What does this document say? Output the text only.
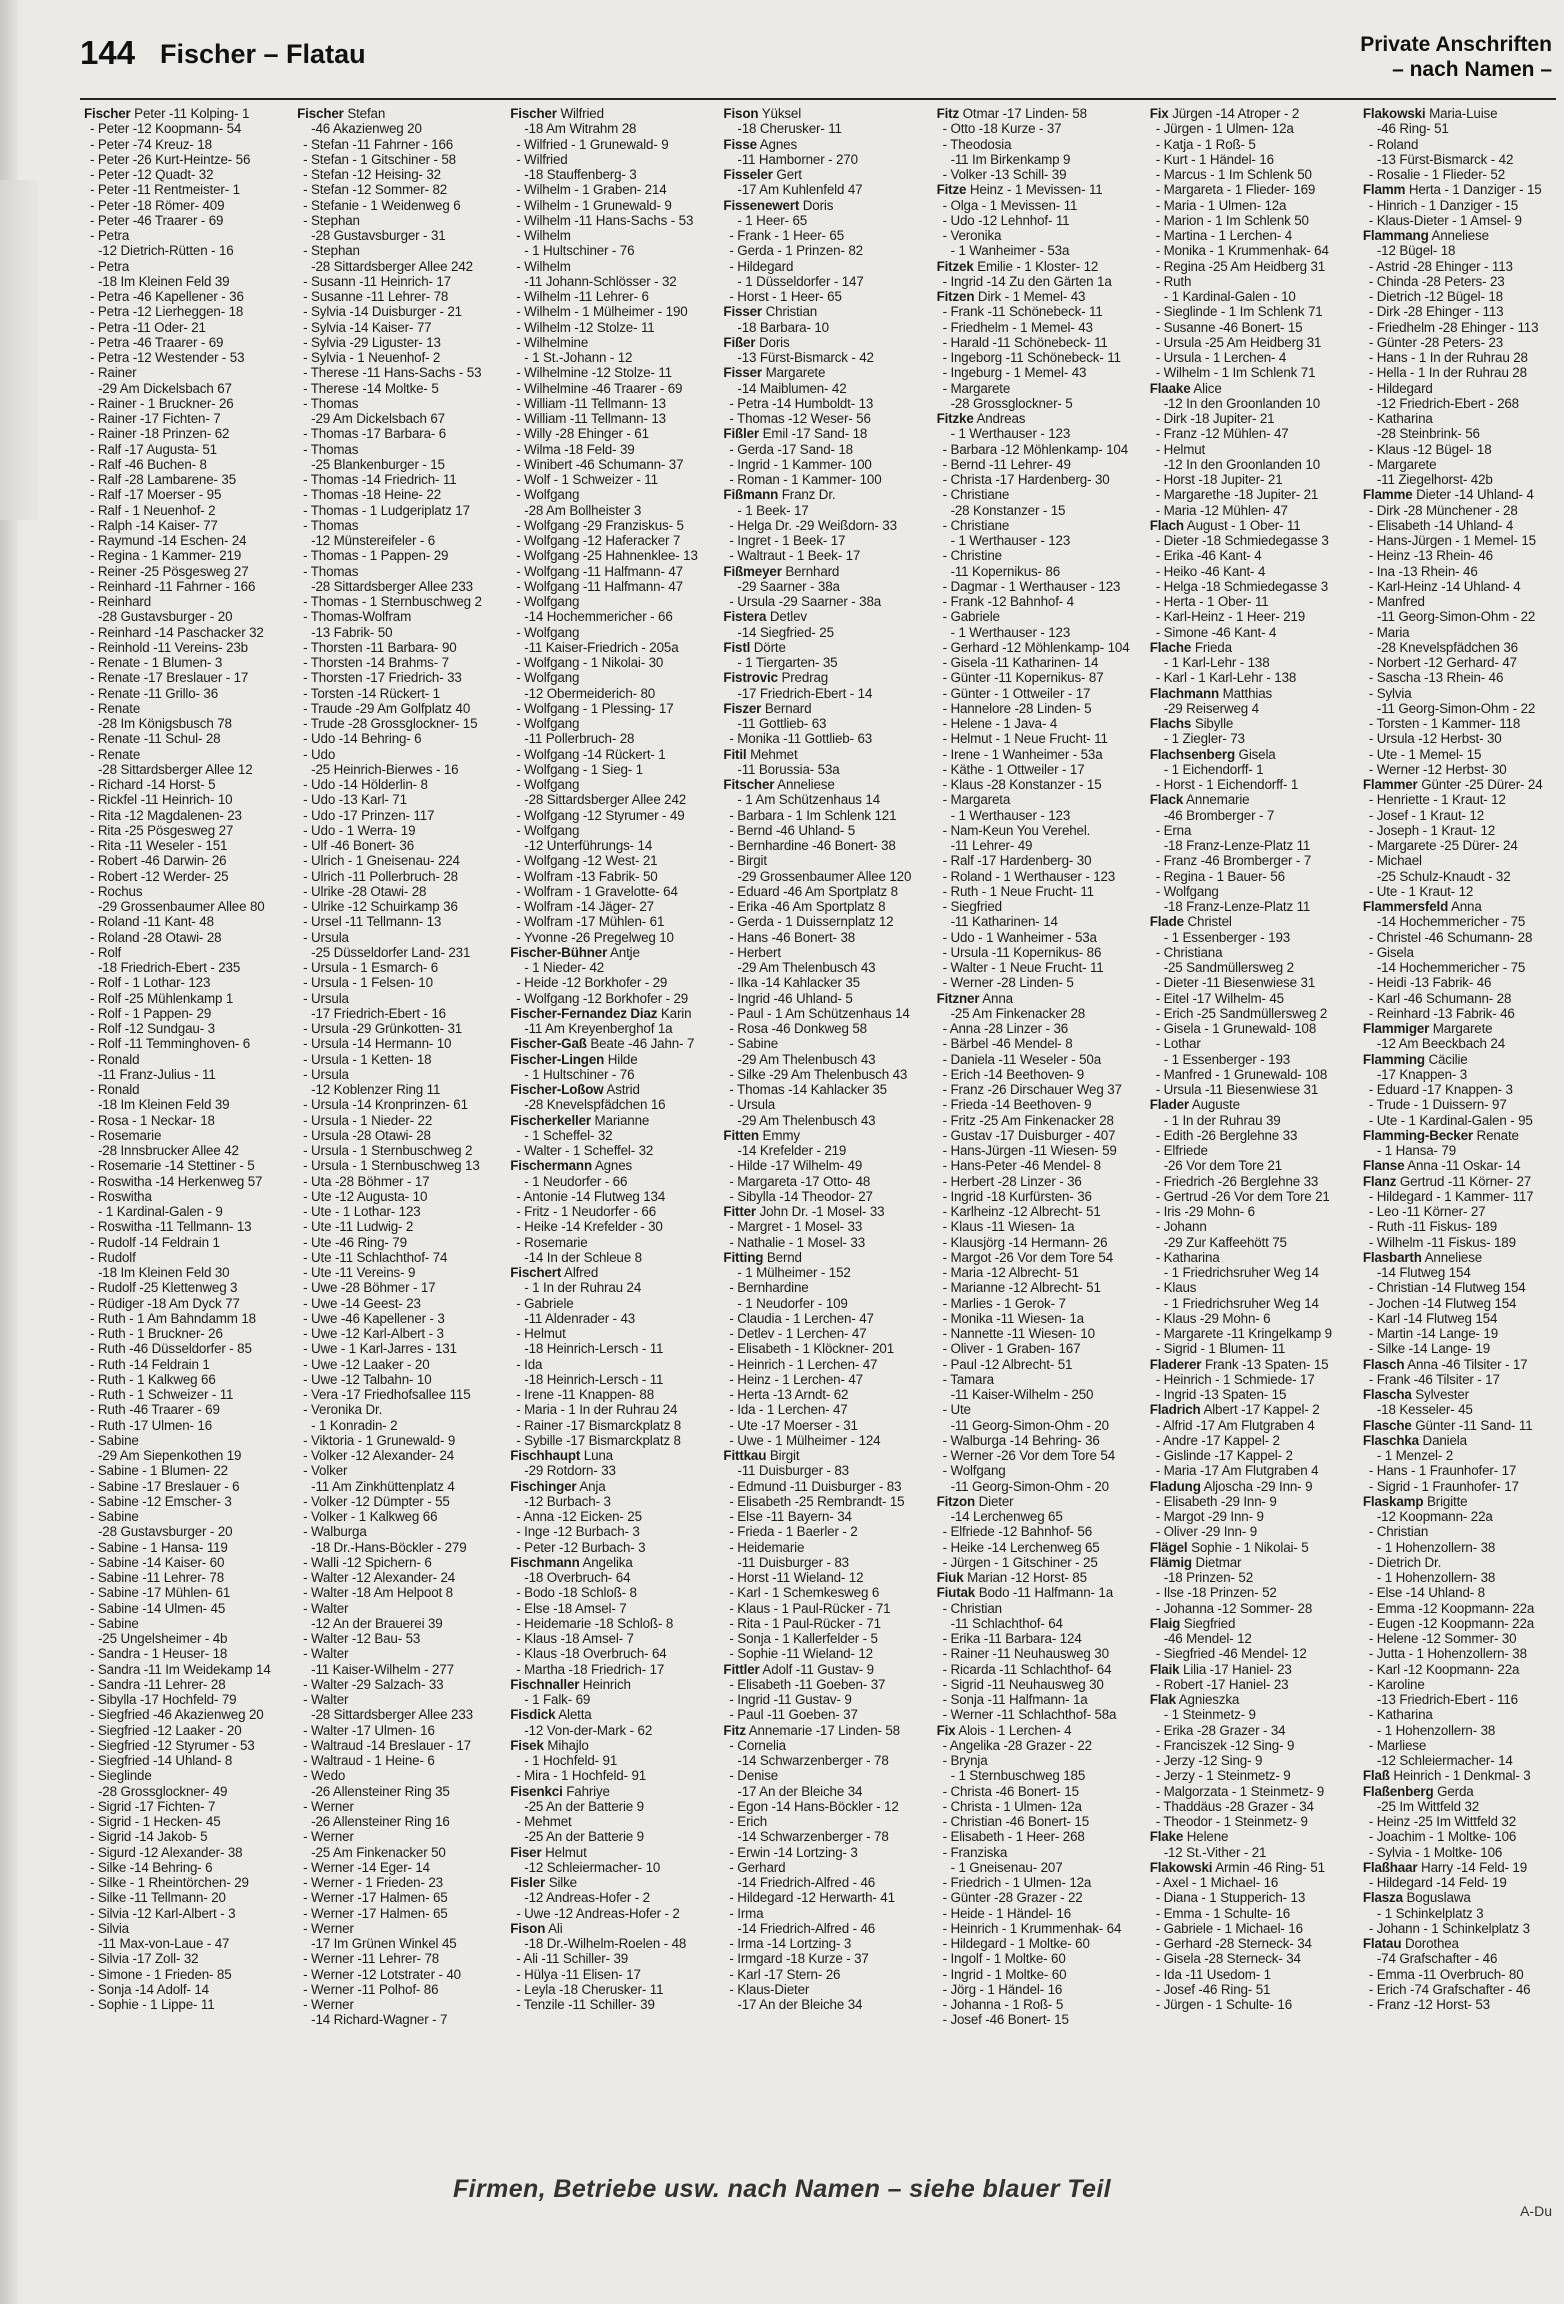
144 Fischer – Flatau	Private Anschriften
– nach Namen –
Fischer Peter -11 Kolping- 1
- Peter -12 Koopmann- 54
- Peter -74 Kreuz- 18
- Peter -26 Kurt-Heintze- 56
- Peter -12 Quadt- 32
- Peter -11 Rentmeister- 1
- Peter -18 Römer- 409
- Peter -46 Traarer - 69
- Petra
-12 Dietrich-Rütten - 16
- Petra
-18 Im Kleinen Feld 39
- Petra -46 Kapellener - 36
- Petra -12 Lierheggen- 18
- Petra -11 Oder- 21
- Petra -46 Traarer - 69
- Petra -12 Westender - 53
- Rainer
-29 Am Dickelsbach 67
- Rainer - 1 Bruckner- 26
- Rainer -17 Fichten- 7
- Rainer -18 Prinzen- 62
- Ralf -17 Augusta- 51
- Ralf -46 Buchen- 8
- Ralf -28 Lambarene- 35
- Ralf -17 Moerser - 95
- Ralf - 1 Neuenhof- 2
- Ralph -14 Kaiser- 77
- Raymund -14 Eschen- 24
- Regina - 1 Kammer- 219
- Reiner -25 Pösgesweg 27
- Reinhard -11 Fahrner - 166
- Reinhard
-28 Gustavsburger - 20
- Reinhard -14 Paschacker 32
- Reinhold -11 Vereins- 23b
- Renate - 1 Blumen- 3
- Renate -17 Breslauer - 17
- Renate -11 Grillo- 36
- Renate
-28 Im Königsbusch 78
- Renate -11 Schul- 28
- Renate
-28 Sittardsberger Allee 12
- Richard -14 Horst- 5
- Rickfel -11 Heinrich- 10
- Rita -12 Magdalenen- 23
- Rita -25 Pösgesweg 27
- Rita -11 Weseler - 151
- Robert -46 Darwin- 26
- Robert -12 Werder- 25
- Rochus
-29 Grossenbaumer Allee 80
- Roland -11 Kant- 48
- Roland -28 Otawi- 28
- Rolf
-18 Friedrich-Ebert - 235
- Rolf - 1 Lothar- 123
- Rolf -25 Mühlenkamp 1
- Rolf - 1 Pappen- 29
- Rolf -12 Sundgau- 3
- Rolf -11 Temminghoven- 6
- Ronald
-11 Franz-Julius - 11
- Ronald
-18 Im Kleinen Feld 39
- Rosa - 1 Neckar- 18
- Rosemarie
-28 Innsbrucker Allee 42
- Rosemarie -14 Stettiner - 5
- Roswitha -14 Herkenweg 57
- Roswitha
- 1 Kardinal-Galen - 9
- Roswitha -11 Tellmann- 13
- Rudolf -14 Feldrain 1
- Rudolf
-18 Im Kleinen Feld 30
- Rudolf -25 Klettenweg 3
- Rüdiger -18 Am Dyck 77
- Ruth - 1 Am Bahndamm 18
- Ruth - 1 Bruckner- 26
- Ruth -46 Düsseldorfer - 85
- Ruth -14 Feldrain 1
- Ruth - 1 Kalkweg 66
- Ruth - 1 Schweizer - 11
- Ruth -46 Traarer - 69
- Ruth -17 Ulmen- 16
- Sabine
-29 Am Siepenkothen 19
- Sabine - 1 Blumen- 22
- Sabine -17 Breslauer - 6
- Sabine -12 Emscher- 3
- Sabine
-28 Gustavsburger - 20
- Sabine - 1 Hansa- 119
- Sabine -14 Kaiser- 60
- Sabine -11 Lehrer- 78
- Sabine -17 Mühlen- 61
- Sabine -14 Ulmen- 45
- Sabine
-25 Ungelsheimer - 4b
- Sandra - 1 Heuser- 18
- Sandra -11 Im Weidekamp 14
- Sandra -11 Lehrer- 28
- Sibylla -17 Hochfeld- 79
- Siegfried -46 Akazienweg 20
- Siegfried -12 Laaker - 20
- Siegfried -12 Styrumer - 53
- Siegfried -14 Uhland- 8
- Sieglinde
-28 Grossglockner- 49
- Sigrid -17 Fichten- 7
- Sigrid - 1 Hecken- 45
- Sigrid -14 Jakob- 5
- Sigurd -12 Alexander- 38
- Silke -14 Behring- 6
- Silke - 1 Rheintörchen- 29
- Silke -11 Tellmann- 20
- Silvia -12 Karl-Albert - 3
- Silvia
-11 Max-von-Laue - 47
- Silvia -17 Zoll- 32
- Simone - 1 Frieden- 85
- Sonja -14 Adolf- 14
- Sophie - 1 Lippe- 11
Fischer Stefan
-46 Akazienweg 20
- Stefan -11 Fahrner - 166
- Stefan - 1 Gitschiner - 58
- Stefan -12 Heising- 32
- Stefan -12 Sommer- 82
- Stefanie - 1 Weidenweg 6
- Stephan
-28 Gustavsburger - 31
- Stephan
-28 Sittardsberger Allee 242
- Susann -11 Heinrich- 17
- Susanne -11 Lehrer- 78
- Sylvia -14 Duisburger - 21
- Sylvia -14 Kaiser- 77
- Sylvia -29 Liguster- 13
- Sylvia - 1 Neuenhof- 2
- Therese -11 Hans-Sachs - 53
- Therese -14 Moltke- 5
- Thomas
-29 Am Dickelsbach 67
- Thomas -17 Barbara- 6
- Thomas
-25 Blankenburger - 15
- Thomas -14 Friedrich- 11
- Thomas -18 Heine- 22
- Thomas - 1 Ludgeriplatz 17
- Thomas
-12 Münstereifeler - 6
- Thomas - 1 Pappen- 29
- Thomas
-28 Sittardsberger Allee 233
- Thomas - 1 Sternbuschweg 2
- Thomas-Wolfram
-13 Fabrik- 50
- Thorsten -11 Barbara- 90
- Thorsten -14 Brahms- 7
- Thorsten -17 Friedrich- 33
- Torsten -14 Rückert- 1
- Traude -29 Am Golfplatz 40
- Trude -28 Grossglockner- 15
- Udo -14 Behring- 6
- Udo
-25 Heinrich-Bierwes - 16
- Udo -14 Hölderlin- 8
- Udo -13 Karl- 71
- Udo -17 Prinzen- 117
- Udo - 1 Werra- 19
- Ulf -46 Bonert- 36
- Ulrich - 1 Gneisenau- 224
- Ulrich -11 Pollerbruch- 28
- Ulrike -28 Otawi- 28
- Ulrike -12 Schuirkamp 36
- Ursel -11 Tellmann- 13
- Ursula
-25 Düsseldorfer Land- 231
- Ursula - 1 Esmarch- 6
- Ursula - 1 Felsen- 10
- Ursula
-17 Friedrich-Ebert - 16
- Ursula -29 Grünkotten- 31
- Ursula -14 Hermann- 10
- Ursula - 1 Ketten- 18
- Ursula
-12 Koblenzer Ring 11
- Ursula -14 Kronprinzen- 61
- Ursula - 1 Nieder- 22
- Ursula -28 Otawi- 28
- Ursula - 1 Sternbuschweg 2
- Ursula - 1 Sternbuschweg 13
- Uta -28 Böhmer - 17
- Ute -12 Augusta- 10
- Ute - 1 Lothar- 123
- Ute -11 Ludwig- 2
- Ute -46 Ring- 79
- Ute -11 Schlachthof- 74
- Ute -11 Vereins- 9
- Uwe -28 Böhmer - 17
- Uwe -14 Geest- 23
- Uwe -46 Kapellener - 3
- Uwe -12 Karl-Albert - 3
- Uwe - 1 Karl-Jarres - 131
- Uwe -12 Laaker - 20
- Uwe -12 Talbahn- 10
- Vera -17 Friedhofsallee 115
- Veronika Dr.
- 1 Konradin- 2
- Viktoria - 1 Grunewald- 9
- Volker -12 Alexander- 24
- Volker
-11 Am Zinkhüttenplatz 4
- Volker -12 Dümpter - 55
- Volker - 1 Kalkweg 66
- Walburga
-18 Dr.-Hans-Böckler - 279
- Walli -12 Spichern- 6
- Walter -12 Alexander- 24
- Walter -18 Am Helpoot 8
- Walter
-12 An der Brauerei 39
- Walter -12 Bau- 53
- Walter
-11 Kaiser-Wilhelm - 277
- Walter -29 Salzach- 33
- Walter
-28 Sittardsberger Allee 233
- Walter -17 Ulmen- 16
- Waltraud -14 Breslauer - 17
- Waltraud - 1 Heine- 6
- Wedo
-26 Allensteiner Ring 35
- Werner
-26 Allensteiner Ring 16
- Werner
-25 Am Finkenacker 50
- Werner -14 Eger- 14
- Werner - 1 Frieden- 23
- Werner -17 Halmen- 65
- Werner -17 Halmen- 65
- Werner
-17 Im Grünen Winkel 45
- Werner -11 Lehrer- 78
- Werner -12 Lotstrater - 40
- Werner -11 Polhof- 86
- Werner
-14 Richard-Wagner - 7
Fischer Wilfried
-18 Am Witrahm 28
- Wilfried - 1 Grunewald- 9
- Wilfried
-18 Stauffenberg- 3
- Wilhelm - 1 Graben- 214
- Wilhelm - 1 Grunewald- 9
- Wilhelm -11 Hans-Sachs - 53
- Wilhelm
- 1 Hultschiner - 76
- Wilhelm
-11 Johann-Schlösser - 32
- Wilhelm -11 Lehrer- 6
- Wilhelm - 1 Mülheimer - 190
- Wilhelm -12 Stolze- 11
- Wilhelmine
- 1 St.-Johann - 12
- Wilhelmine -12 Stolze- 11
- Wilhelmine -46 Traarer - 69
- William -11 Tellmann- 13
- William -11 Tellmann- 13
- Willy -28 Ehinger - 61
- Wilma -18 Feld- 39
- Winibert -46 Schumann- 37
- Wolf - 1 Schweizer - 11
- Wolfgang
-28 Am Bollheister 3
- Wolfgang -29 Franziskus- 5
- Wolfgang -12 Haferacker 7
- Wolfgang -25 Hahnenklee- 13
- Wolfgang -11 Halfmann- 47
- Wolfgang -11 Halfmann- 47
- Wolfgang
-14 Hochemmericher - 66
- Wolfgang
-11 Kaiser-Friedrich - 205a
- Wolfgang - 1 Nikolai- 30
- Wolfgang
-12 Obermeiderich- 80
- Wolfgang - 1 Plessing- 17
- Wolfgang
-11 Pollerbruch- 28
- Wolfgang -14 Rückert- 1
- Wolfgang - 1 Sieg- 1
- Wolfgang
-28 Sittardsberger Allee 242
- Wolfgang -12 Styrumer - 49
- Wolfgang
-12 Unterführungs- 14
- Wolfgang -12 West- 21
- Wolfram -13 Fabrik- 50
- Wolfram - 1 Gravelotte- 64
- Wolfram -14 Jäger- 27
- Wolfram -17 Mühlen- 61
- Yvonne -26 Pregelweg 10
Fischer-Bühner Antje
- 1 Nieder- 42
- Heide -12 Borkhofer - 29
- Wolfgang -12 Borkhofer - 29
Fischer-Fernandez Diaz Karin
-11 Am Kreyenberghof 1a
Fischer-Gaß Beate -46 Jahn- 7
Fischer-Lingen Hilde
- 1 Hultschiner - 76
Fischer-Loßow Astrid
-28 Knevelspfädchen 16
Fischerkeller Marianne
- 1 Scheffel- 32
- Walter - 1 Scheffel- 32
Fischermann Agnes
- 1 Neudorfer - 66
- Antonie -14 Flutweg 134
- Fritz - 1 Neudorfer - 66
- Heike -14 Krefelder - 30
- Rosemarie
-14 In der Schleue 8
Fischert Alfred
- 1 In der Ruhrau 24
- Gabriele
-11 Aldenrader - 43
- Helmut
-18 Heinrich-Lersch - 11
- Ida
-18 Heinrich-Lersch - 11
- Irene -11 Knappen- 88
- Maria - 1 In der Ruhrau 24
- Rainer -17 Bismarckplatz 8
- Sybille -17 Bismarckplatz 8
Fischhaupt Luna
-29 Rotdorn- 33
Fischinger Anja
-12 Burbach- 3
- Anna -12 Eicken- 25
- Inge -12 Burbach- 3
- Peter -12 Burbach- 3
Fischmann Angelika
-18 Overbruch- 64
- Bodo -18 Schloß- 8
- Else -18 Amsel- 7
- Heidemarie -18 Schloß- 8
- Klaus -18 Amsel- 7
- Klaus -18 Overbruch- 64
- Martha -18 Friedrich- 17
Fischnaller Heinrich
- 1 Falk- 69
Fisdick Aletta
-12 Von-der-Mark - 62
Fisek Mihajlo
- 1 Hochfeld- 91
- Mira - 1 Hochfeld- 91
Fisenkci Fahriye
-25 An der Batterie 9
- Mehmet
-25 An der Batterie 9
Fiser Helmut
-12 Schleiermacher- 10
Fisler Silke
-12 Andreas-Hofer - 2
- Uwe -12 Andreas-Hofer - 2
Fison Ali
-18 Dr.-Wilhelm-Roelen - 48
- Ali -11 Schiller- 39
- Hülya -11 Elisen- 17
- Leyla -18 Cherusker- 11
- Tenzile -11 Schiller- 39
Fison Yüksel
-18 Cherusker- 11
Fisse Agnes
-11 Hamborner - 270
Fisseler Gert
-17 Am Kuhlenfeld 47
Fissenewert Doris
- 1 Heer- 65
- Frank - 1 Heer- 65
- Gerda - 1 Prinzen- 82
- Hildegard
- 1 Düsseldorfer - 147
- Horst - 1 Heer- 65
Fisser Christian
-18 Barbara- 10
Fißer Doris
-13 Fürst-Bismarck - 42
Fisser Margarete
-14 Maiblumen- 42
- Petra -14 Humboldt- 13
- Thomas -12 Weser- 56
Fißler Emil -17 Sand- 18
- Gerda -17 Sand- 18
- Ingrid - 1 Kammer- 100
- Roman - 1 Kammer- 100
Fißmann Franz Dr.
- 1 Beek- 17
- Helga Dr. -29 Weißdorn- 33
- Ingret - 1 Beek- 17
- Waltraut - 1 Beek- 17
Fißmeyer Bernhard
-29 Saarner - 38a
- Ursula -29 Saarner - 38a
Fistera Detlev
-14 Siegfried- 25
Fistl Dörte
- 1 Tiergarten- 35
Fistrovic Predrag
-17 Friedrich-Ebert - 14
Fiszer Bernard
-11 Gottlieb- 63
- Monika -11 Gottlieb- 63
Fitil Mehmet
-11 Borussia- 53a
Fitscher Anneliese
- 1 Am Schützenhaus 14
- Barbara - 1 Im Schlenk 121
- Bernd -46 Uhland- 5
- Bernhardine -46 Bonert- 38
- Birgit
-29 Grossenbaumer Allee 120
- Eduard -46 Am Sportplatz 8
- Erika -46 Am Sportplatz 8
- Gerda - 1 Duissernplatz 12
- Hans -46 Bonert- 38
- Herbert
-29 Am Thelenbusch 43
- Ilka -14 Kahlacker 35
- Ingrid -46 Uhland- 5
- Paul - 1 Am Schützenhaus 14
- Rosa -46 Donkweg 58
- Sabine
-29 Am Thelenbusch 43
- Silke -29 Am Thelenbusch 43
- Thomas -14 Kahlacker 35
- Ursula
-29 Am Thelenbusch 43
Fitten Emmy
-14 Krefelder - 219
- Hilde -17 Wilhelm- 49
- Margareta -17 Otto- 48
- Sibylla -14 Theodor- 27
Fitter John Dr. -1 Mosel- 33
- Margret - 1 Mosel- 33
- Nathalie - 1 Mosel- 33
Fitting Bernd
- 1 Mülheimer - 152
- Bernhardine
- 1 Neudorfer - 109
- Claudia - 1 Lerchen- 47
- Detlev - 1 Lerchen- 47
- Elisabeth - 1 Klöckner- 201
- Heinrich - 1 Lerchen- 47
- Heinz - 1 Lerchen- 47
- Herta -13 Arndt- 62
- Ida - 1 Lerchen- 47
- Ute -17 Moerser - 31
- Uwe - 1 Mülheimer - 124
Fittkau Birgit
-11 Duisburger - 83
- Edmund -11 Duisburger - 83
- Elisabeth -25 Rembrandt- 15
- Else -11 Bayern- 34
- Frieda - 1 Baerler - 2
- Heidemarie
-11 Duisburger - 83
- Horst -11 Wieland- 12
- Karl - 1 Schemkesweg 6
- Klaus - 1 Paul-Rücker - 71
- Rita - 1 Paul-Rücker - 71
- Sonja - 1 Kallerfelder - 5
- Sophie -11 Wieland- 12
Fittler Adolf -11 Gustav- 9
- Elisabeth -11 Goeben- 37
- Ingrid -11 Gustav- 9
- Paul -11 Goeben- 37
Fitz Annemarie -17 Linden- 58
- Cornelia
-14 Schwarzenberger - 78
- Denise
-17 An der Bleiche 34
- Egon -14 Hans-Böckler - 12
- Erich
-14 Schwarzenberger - 78
- Erwin -14 Lortzing- 3
- Gerhard
-14 Friedrich-Alfred - 46
- Hildegard -12 Herwarth- 41
- Irma
-14 Friedrich-Alfred - 46
- Irma -14 Lortzing- 3
- Irmgard -18 Kurze - 37
- Karl -17 Stern- 26
- Klaus-Dieter
-17 An der Bleiche 34
Fitz Otmar -17 Linden- 58
- Otto -18 Kurze - 37
- Theodosia
-11 Im Birkenkamp 9
- Volker -13 Schill- 39
Fitze Heinz - 1 Mevissen- 11
- Olga - 1 Mevissen- 11
- Udo -12 Lehnhof- 11
- Veronika
- 1 Wanheimer - 53a
Fitzek Emilie - 1 Kloster- 12
- Ingrid -14 Zu den Gärten 1a
Fitzen Dirk - 1 Memel- 43
- Frank -11 Schönebeck- 11
- Friedhelm - 1 Memel- 43
- Harald -11 Schönebeck- 11
- Ingeborg -11 Schönebeck- 11
- Ingeburg - 1 Memel- 43
- Margarete
-28 Grossglockner- 5
Fitzke Andreas
- 1 Werthauser - 123
- Barbara -12 Möhlenkamp- 104
- Bernd -11 Lehrer- 49
- Christa -17 Hardenberg- 30
- Christiane
-28 Konstanzer - 15
- Christiane
- 1 Werthauser - 123
- Christine
-11 Kopernikus- 86
- Dagmar - 1 Werthauser - 123
- Frank -12 Bahnhof- 4
- Gabriele
- 1 Werthauser - 123
- Gerhard -12 Möhlenkamp- 104
- Gisela -11 Katharinen- 14
- Günter -11 Kopernikus- 87
- Günter - 1 Ottweiler - 17
- Hannelore -28 Linden- 5
- Helene - 1 Java- 4
- Helmut - 1 Neue Frucht- 11
- Irene - 1 Wanheimer - 53a
- Käthe - 1 Ottweiler - 17
- Klaus -28 Konstanzer - 15
- Margareta
- 1 Werthauser - 123
- Nam-Keun You Verehel.
-11 Lehrer- 49
- Ralf -17 Hardenberg- 30
- Roland - 1 Werthauser - 123
- Ruth - 1 Neue Frucht- 11
- Siegfried
-11 Katharinen- 14
- Udo - 1 Wanheimer - 53a
- Ursula -11 Kopernikus- 86
- Walter - 1 Neue Frucht- 11
- Werner -28 Linden- 5
Fitzner Anna
-25 Am Finkenacker 28
- Anna -28 Linzer - 36
- Bärbel -46 Mendel- 8
- Daniela -11 Weseler - 50a
- Erich -14 Beethoven- 9
- Franz -26 Dirschauer Weg 37
- Frieda -14 Beethoven- 9
- Fritz -25 Am Finkenacker 28
- Gustav -17 Duisburger - 407
- Hans-Jürgen -11 Wiesen- 59
- Hans-Peter -46 Mendel- 8
- Herbert -28 Linzer - 36
- Ingrid -18 Kurfürsten- 36
- Karlheinz -12 Albrecht- 51
- Klaus -11 Wiesen- 1a
- Klausjörg -14 Hermann- 26
- Margot -26 Vor dem Tore 54
- Maria -12 Albrecht- 51
- Marianne -12 Albrecht- 51
- Marlies - 1 Gerok- 7
- Monika -11 Wiesen- 1a
- Nannette -11 Wiesen- 10
- Oliver - 1 Graben- 167
- Paul -12 Albrecht- 51
- Tamara
-11 Kaiser-Wilhelm - 250
- Ute
-11 Georg-Simon-Ohm - 20
- Walburga -14 Behring- 36
- Werner -26 Vor dem Tore 54
- Wolfgang
-11 Georg-Simon-Ohm - 20
Fitzon Dieter
-14 Lerchenweg 65
- Elfriede -12 Bahnhof- 56
- Heike -14 Lerchenweg 65
- Jürgen - 1 Gitschiner - 25
Fiuk Marian -12 Horst- 85
Fiutak Bodo -11 Halfmann- 1a
- Christian
-11 Schlachthof- 64
- Erika -11 Barbara- 124
- Rainer -11 Neuhausweg 30
- Ricarda -11 Schlachthof- 64
- Sigrid -11 Neuhausweg 30
- Sonja -11 Halfmann- 1a
- Werner -11 Schlachthof- 58a
Fix Alois - 1 Lerchen- 4
- Angelika -28 Grazer - 22
- Brynja
- 1 Sternbuschweg 185
- Christa -46 Bonert- 15
- Christa - 1 Ulmen- 12a
- Christian -46 Bonert- 15
- Elisabeth - 1 Heer- 268
- Franziska
- 1 Gneisenau- 207
- Friedrich - 1 Ulmen- 12a
- Günter -28 Grazer - 22
- Heide - 1 Händel- 16
- Heinrich - 1 Krummenhak- 64
- Hildegard - 1 Moltke- 60
- Ingolf - 1 Moltke- 60
- Ingrid - 1 Moltke- 60
- Jörg - 1 Händel- 16
- Johanna - 1 Roß- 5
- Josef -46 Bonert- 15
Fix Jürgen -14 Atroper - 2
- Jürgen - 1 Ulmen- 12a
- Katja - 1 Roß- 5
- Kurt - 1 Händel- 16
- Marcus - 1 Im Schlenk 50
- Margareta - 1 Flieder- 169
- Maria - 1 Ulmen- 12a
- Marion - 1 Im Schlenk 50
- Martina - 1 Lerchen- 4
- Monika - 1 Krummenhak- 64
- Regina -25 Am Heidberg 31
- Ruth
- 1 Kardinal-Galen - 10
- Sieglinde - 1 Im Schlenk 71
- Susanne -46 Bonert- 15
- Ursula -25 Am Heidberg 31
- Ursula - 1 Lerchen- 4
- Wilhelm - 1 Im Schlenk 71
Flaake Alice
-12 In den Groonlanden 10
- Dirk -18 Jupiter- 21
- Franz -12 Mühlen- 47
- Helmut
-12 In den Groonlanden 10
- Horst -18 Jupiter- 21
- Margarethe -18 Jupiter- 21
- Maria -12 Mühlen- 47
Flach August - 1 Ober- 11
- Dieter -18 Schmiedegasse 3
- Erika -46 Kant- 4
- Heiko -46 Kant- 4
- Helga -18 Schmiedegasse 3
- Herta - 1 Ober- 11
- Karl-Heinz - 1 Heer- 219
- Simone -46 Kant- 4
Flache Frieda
- 1 Karl-Lehr - 138
- Karl - 1 Karl-Lehr - 138
Flachmann Matthias
-29 Reiserweg 4
Flachs Sibylle
- 1 Ziegler- 73
Flachsenberg Gisela
- 1 Eichendorff- 1
- Horst - 1 Eichendorff- 1
Flack Annemarie
-46 Bromberger - 7
- Erna
-18 Franz-Lenze-Platz 11
- Franz -46 Bromberger - 7
- Regina - 1 Bauer- 56
- Wolfgang
-18 Franz-Lenze-Platz 11
Flade Christel
- 1 Essenberger - 193
- Christiana
-25 Sandmüllersweg 2
- Dieter -11 Biesenwiese 31
- Eitel -17 Wilhelm- 45
- Erich -25 Sandmüllersweg 2
- Gisela - 1 Grunewald- 108
- Lothar
- 1 Essenberger - 193
- Manfred - 1 Grunewald- 108
- Ursula -11 Biesenwiese 31
Flader Auguste
- 1 In der Ruhrau 39
- Edith -26 Berglehne 33
- Elfriede
-26 Vor dem Tore 21
- Friedrich -26 Berglehne 33
- Gertrud -26 Vor dem Tore 21
- Iris -29 Mohn- 6
- Johann
-29 Zur Kaffeehött 75
- Katharina
- 1 Friedrichsruher Weg 14
- Klaus
- 1 Friedrichsruher Weg 14
- Klaus -29 Mohn- 6
- Margarete -11 Kringelkamp 9
- Sigrid - 1 Blumen- 11
Fladerer Frank -13 Spaten- 15
- Heinrich - 1 Schmiede- 17
- Ingrid -13 Spaten- 15
Fladrich Albert -17 Kappel- 2
- Alfrid -17 Am Flutgraben 4
- Andre -17 Kappel- 2
- Gislinde -17 Kappel- 2
- Maria -17 Am Flutgraben 4
Fladung Aljoscha -29 Inn- 9
- Elisabeth -29 Inn- 9
- Margot -29 Inn- 9
- Oliver -29 Inn- 9
Flägel Sophie - 1 Nikolai- 5
Flämig Dietmar
-18 Prinzen- 52
- Ilse -18 Prinzen- 52
- Johanna -12 Sommer- 28
Flaig Siegfried
-46 Mendel- 12
- Siegfried -46 Mendel- 12
Flaik Lilia -17 Haniel- 23
- Robert -17 Haniel- 23
Flak Agnieszka
- 1 Steinmetz- 9
- Erika -28 Grazer - 34
- Franciszek -12 Sing- 9
- Jerzy -12 Sing- 9
- Jerzy - 1 Steinmetz- 9
- Malgorzata - 1 Steinmetz- 9
- Thaddäus -28 Grazer - 34
- Theodor - 1 Steinmetz- 9
Flake Helene
-12 St.-Vither - 21
Flakowski Armin -46 Ring- 51
- Axel - 1 Michael- 16
- Diana - 1 Stupperich- 13
- Emma - 1 Schulte- 16
- Gabriele - 1 Michael- 16
- Gerhard -28 Sterneck- 34
- Gisela -28 Sterneck- 34
- Ida -11 Usedom- 1
- Josef -46 Ring- 51
- Jürgen - 1 Schulte- 16
Flakowski Maria-Luise
-46 Ring- 51
- Roland
-13 Fürst-Bismarck - 42
- Rosalie - 1 Flieder- 52
Flamm Herta - 1 Danziger - 15
- Hinrich - 1 Danziger - 15
- Klaus-Dieter - 1 Amsel- 9
Flammang Anneliese
-12 Bügel- 18
- Astrid -28 Ehinger - 113
- Chinda -28 Peters- 23
- Dietrich -12 Bügel- 18
- Dirk -28 Ehinger - 113
- Friedhelm -28 Ehinger - 113
- Günter -28 Peters- 23
- Hans - 1 In der Ruhrau 28
- Hella - 1 In der Ruhrau 28
- Hildegard
-12 Friedrich-Ebert - 268
- Katharina
-28 Steinbrink- 56
- Klaus -12 Bügel- 18
- Margarete
-11 Ziegelhorst- 42b
Flamme Dieter -14 Uhland- 4
- Dirk -28 Münchener - 28
- Elisabeth -14 Uhland- 4
- Hans-Jürgen - 1 Memel- 15
- Heinz -13 Rhein- 46
- Ina -13 Rhein- 46
- Karl-Heinz -14 Uhland- 4
- Manfred
-11 Georg-Simon-Ohm - 22
- Maria
-28 Knevelspfädchen 36
- Norbert -12 Gerhard- 47
- Sascha -13 Rhein- 46
- Sylvia
-11 Georg-Simon-Ohm - 22
- Torsten - 1 Kammer- 118
- Ursula -12 Herbst- 30
- Ute - 1 Memel- 15
- Werner -12 Herbst- 30
Flammer Günter -25 Dürer- 24
- Henriette - 1 Kraut- 12
- Josef - 1 Kraut- 12
- Joseph - 1 Kraut- 12
- Margarete -25 Dürer- 24
- Michael
-25 Schulz-Knaudt - 32
- Ute - 1 Kraut- 12
Flammersfeld Anna
-14 Hochemmericher - 75
- Christel -46 Schumann- 28
- Gisela
-14 Hochemmericher - 75
- Heidi -13 Fabrik- 46
- Karl -46 Schumann- 28
- Reinhard -13 Fabrik- 46
Flammiger Margarete
-12 Am Beeckbach 24
Flamming Cäcilie
-17 Knappen- 3
- Eduard -17 Knappen- 3
- Trude - 1 Duissern- 97
- Ute - 1 Kardinal-Galen - 95
Flamming-Becker Renate
- 1 Hansa- 79
Flanse Anna -11 Oskar- 14
Flanz Gertrud -11 Körner- 27
- Hildegard - 1 Kammer- 117
- Leo -11 Körner- 27
- Ruth -11 Fiskus- 189
- Wilhelm -11 Fiskus- 189
Flasbarth Anneliese
-14 Flutweg 154
- Christian -14 Flutweg 154
- Jochen -14 Flutweg 154
- Karl -14 Flutweg 154
- Martin -14 Lange- 19
- Silke -14 Lange- 19
Flasch Anna -46 Tilsiter - 17
- Frank -46 Tilsiter - 17
Flascha Sylvester
-18 Kesseler- 45
Flasche Günter -11 Sand- 11
Flaschka Daniela
- 1 Menzel- 2
- Hans - 1 Fraunhofer- 17
- Sigrid - 1 Fraunhofer- 17
Flaskamp Brigitte
-12 Koopmann- 22a
- Christian
- 1 Hohenzollern- 38
- Dietrich Dr.
- 1 Hohenzollern- 38
- Else -14 Uhland- 8
- Emma -12 Koopmann- 22a
- Eugen -12 Koopmann- 22a
- Helene -12 Sommer- 30
- Jutta - 1 Hohenzollern- 38
- Karl -12 Koopmann- 22a
- Karoline
-13 Friedrich-Ebert - 116
- Katharina
- 1 Hohenzollern- 38
- Marliese
-12 Schleiermacher- 14
Flaß Heinrich - 1 Denkmal- 3
Flaßenberg Gerda
-25 Im Wittfeld 32
- Heinz -25 Im Wittfeld 32
- Joachim - 1 Moltke- 106
- Sylvia - 1 Moltke- 106
Flaßhaar Harry -14 Feld- 19
- Hildegard -14 Feld- 19
Flasza Boguslawa
- 1 Schinkelplatz 3
- Johann - 1 Schinkelplatz 3
Flatau Dorothea
-74 Grafschafter - 46
- Emma -11 Overbruch- 80
- Erich -74 Grafschafter - 46
- Franz -12 Horst- 53
Firmen, Betriebe usw. nach Namen – siehe blauer Teil
A-Du
